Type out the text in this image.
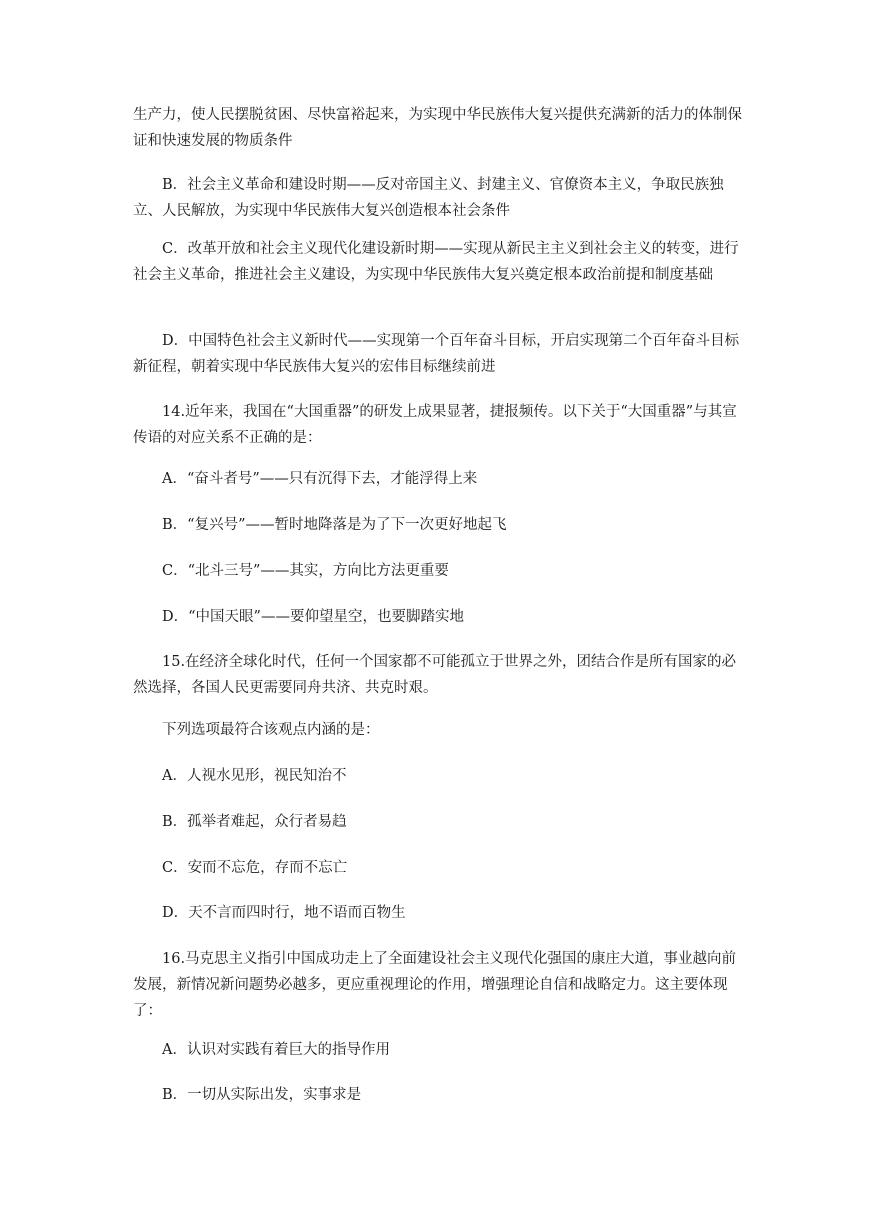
生产力，使人民摆脱贫困、尽快富裕起来，为实现中华民族伟大复兴提供充满新的活力的体制保证和快速发展的物质条件

B．社会主义革命和建设时期——反对帝国主义、封建主义、官僚资本主义，争取民族独立、人民解放，为实现中华民族伟大复兴创造根本社会条件

C．改革开放和社会主义现代化建设新时期——实现从新民主主义到社会主义的转变，进行社会主义革命，推进社会主义建设，为实现中华民族伟大复兴奠定根本政治前提和制度基础

D．中国特色社会主义新时代——实现第一个百年奋斗目标，开启实现第二个百年奋斗目标新征程，朝着实现中华民族伟大复兴的宏伟目标继续前进

14.近年来，我国在“大国重器”的研发上成果显著，捷报频传。以下关于“大国重器”与其宣传语的对应关系不正确的是：

A．“奋斗者号”——只有沉得下去，才能浮得上来

B．“复兴号”——暂时地降落是为了下一次更好地起飞

C．“北斗三号”——其实，方向比方法更重要

D．“中国天眼”——要仰望星空，也要脚踏实地

15.在经济全球化时代，任何一个国家都不可能孤立于世界之外，团结合作是所有国家的必然选择，各国人民更需要同舟共济、共克时艰。

下列选项最符合该观点内涵的是：

A．人视水见形，视民知治不

B．孤举者难起，众行者易趋

C．安而不忘危，存而不忘亡

D．天不言而四时行，地不语而百物生

16.马克思主义指引中国成功走上了全面建设社会主义现代化强国的康庄大道，事业越向前发展，新情况新问题势必越多，更应重视理论的作用，增强理论自信和战略定力。这主要体现了：

A．认识对实践有着巨大的指导作用

B．一切从实际出发，实事求是
